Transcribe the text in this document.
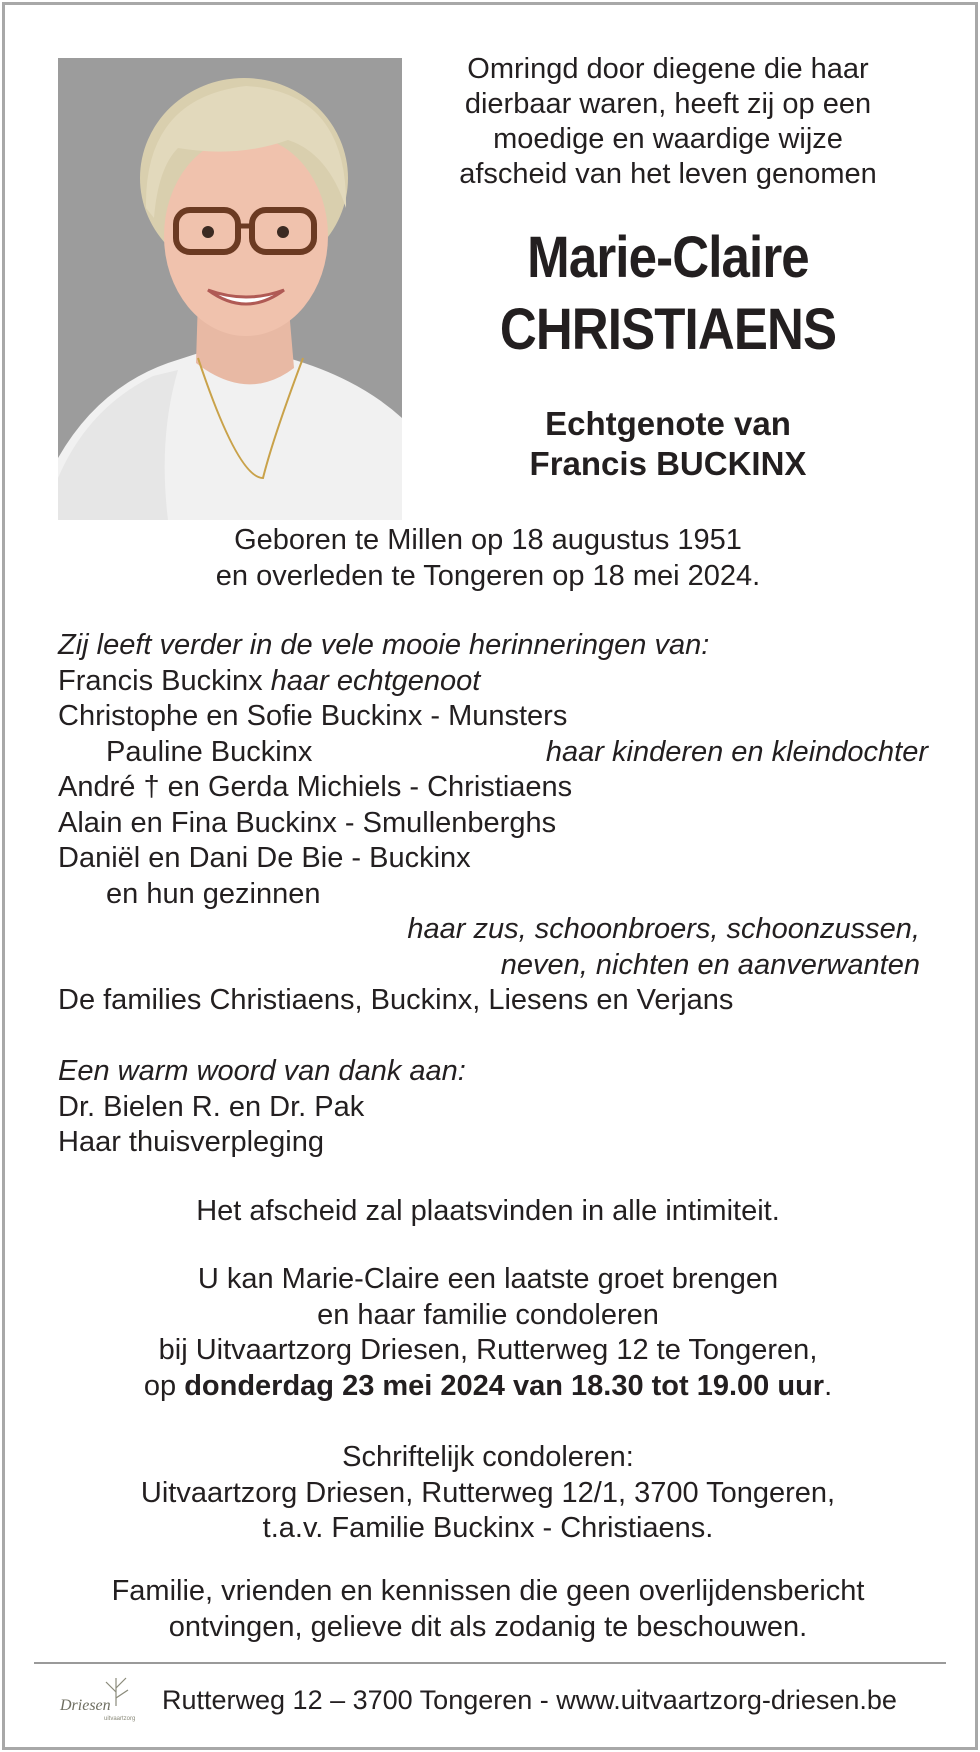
Omringd door diegene die haar
dierbaar waren, heeft zij op een
moedige en waardige wijze
afscheid van het leven genomen
Marie-Claire
CHRISTIAENS
Echtgenote van
Francis BUCKINX
Geboren te Millen op 18 augustus 1951
en overleden te Tongeren op 18 mei 2024.
Zij leeft verder in de vele mooie herinneringen van:
Francis Buckinx haar echtgenoot
Christophe en Sofie Buckinx - Munsters
Pauline Buckinx	haar kinderen en kleindochter
André † en Gerda Michiels - Christiaens
Alain en Fina Buckinx - Smullenberghs
Daniël en Dani De Bie - Buckinx
en hun gezinnen
haar zus, schoonbroers, schoonzussen,
neven, nichten en aanverwanten
De families Christiaens, Buckinx, Liesens en Verjans
Een warm woord van dank aan:
Dr. Bielen R. en Dr. Pak
Haar thuisverpleging
Het afscheid zal plaatsvinden in alle intimiteit.
U kan Marie-Claire een laatste groet brengen
en haar familie condoleren
bij Uitvaartzorg Driesen, Rutterweg 12 te Tongeren,
op donderdag 23 mei 2024 van 18.30 tot 19.00 uur.
Schriftelijk condoleren:
Uitvaartzorg Driesen, Rutterweg 12/1, 3700 Tongeren,
t.a.v. Familie Buckinx - Christiaens.
Familie, vrienden en kennissen die geen overlijdensbericht
ontvingen, gelieve dit als zodanig te beschouwen.
Driesen
uitvaartzorg
Rutterweg 12 – 3700 Tongeren - www.uitvaartzorg-driesen.be
